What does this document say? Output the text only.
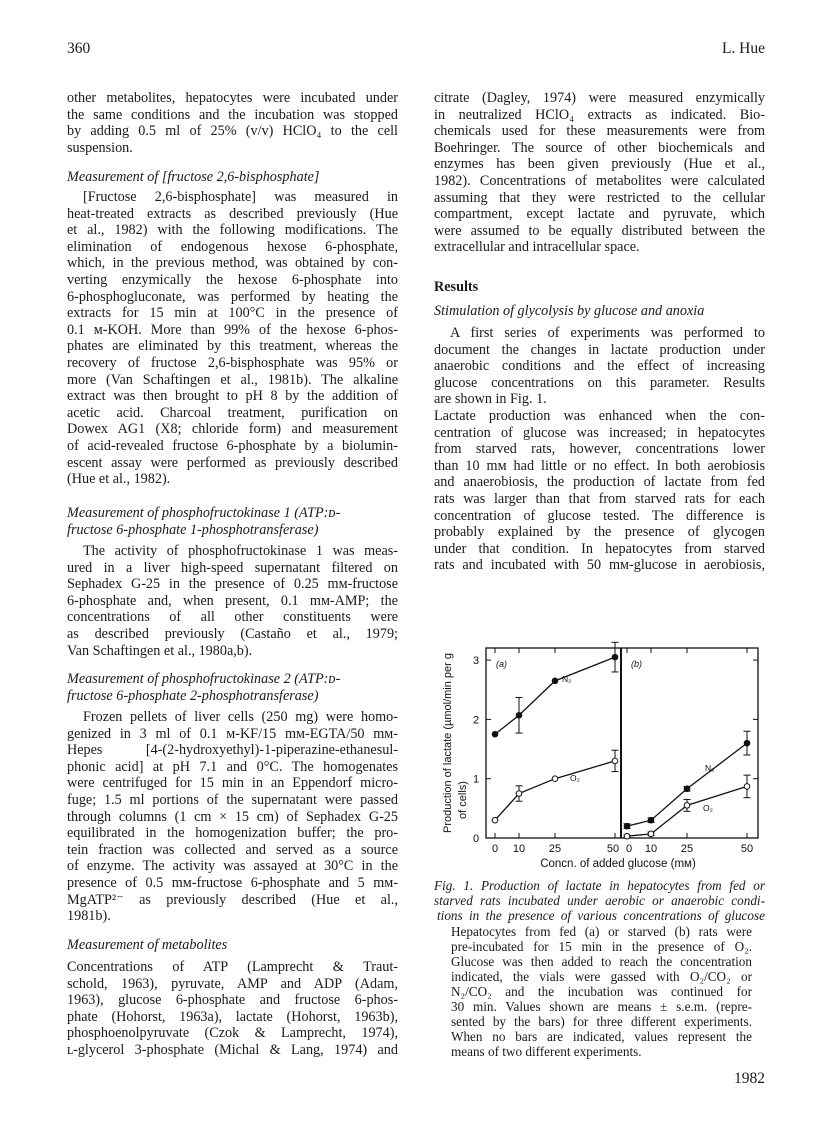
360	L. Hue
other metabolites, hepatocytes were incubated under
the same conditions and the incubation was stopped
by adding 0.5 ml of 25% (v/v) HClO₄ to the cell
suspension.
Measurement of [fructose 2,6-bisphosphate]
[Fructose 2,6-bisphosphate] was measured in
heat-treated extracts as described previously (Hue
et al., 1982) with the following modifications. The
elimination of endogenous hexose 6-phosphate,
which, in the previous method, was obtained by con-
verting enzymically the hexose 6-phosphate into
6-phosphogluconate, was performed by heating the
extracts for 15 min at 100°C in the presence of
0.1 ᴍ-KOH. More than 99% of the hexose 6-phos-
phates are eliminated by this treatment, whereas the
recovery of fructose 2,6-bisphosphate was 95% or
more (Van Schaftingen et al., 1981b). The alkaline
extract was then brought to pH 8 by the addition of
acetic acid. Charcoal treatment, purification on
Dowex AG1 (X8; chloride form) and measurement
of acid-revealed fructose 6-phosphate by a biolumin-
escent assay were performed as previously described
(Hue et al., 1982).
Measurement of phosphofructokinase 1 (ATP:ᴅ-
fructose 6-phosphate 1-phosphotransferase)
The activity of phosphofructokinase 1 was meas-
ured in a liver high-speed supernatant filtered on
Sephadex G-25 in the presence of 0.25 mᴍ-fructose
6-phosphate and, when present, 0.1 mᴍ-AMP; the
concentrations of all other constituents were
as described previously (Castaño et al., 1979;
Van Schaftingen et al., 1980a,b).
Measurement of phosphofructokinase 2 (ATP:ᴅ-
fructose 6-phosphate 2-phosphotransferase)
Frozen pellets of liver cells (250 mg) were homo-
genized in 3 ml of 0.1 ᴍ-KF/15 mᴍ-EGTA/50 mᴍ-
Hepes [4-(2-hydroxyethyl)-1-piperazine-ethanesul-
phonic acid] at pH 7.1 and 0°C. The homogenates
were centrifuged for 15 min in an Eppendorf micro-
fuge; 1.5 ml portions of the supernatant were passed
through columns (1 cm × 15 cm) of Sephadex G-25
equilibrated in the homogenization buffer; the pro-
tein fraction was collected and served as a source
of enzyme. The activity was assayed at 30°C in the
presence of 0.5 mᴍ-fructose 6-phosphate and 5 mᴍ-
MgATP²⁻ as previously described (Hue et al.,
1981b).
Measurement of metabolites
Concentrations of ATP (Lamprecht & Traut-
schold, 1963), pyruvate, AMP and ADP (Adam,
1963), glucose 6-phosphate and fructose 6-phos-
phate (Hohorst, 1963a), lactate (Hohorst, 1963b),
phosphoenolpyruvate (Czok & Lamprecht, 1974),
ʟ-glycerol 3-phosphate (Michal & Lang, 1974) and
citrate (Dagley, 1974) were measured enzymically
in neutralized HClO₄ extracts as indicated. Bio-
chemicals used for these measurements were from
Boehringer. The source of other biochemicals and
enzymes has been given previously (Hue et al.,
1982). Concentrations of metabolites were calculated
assuming that they were restricted to the cellular
compartment, except lactate and pyruvate, which
were assumed to be equally distributed between the
extracellular and intracellular space.
Results
Stimulation of glycolysis by glucose and anoxia
A first series of experiments was performed to
document the changes in lactate production under
anaerobic conditions and the effect of increasing
glucose concentrations on this parameter. Results
are shown in Fig. 1.
Lactate production was enhanced when the con-
centration of glucose was increased; in hepatocytes
from starved rats, however, concentrations lower
than 10 mᴍ had little or no effect. In both aerobiosis
and anaerobiosis, the production of lactate from fed
rats was larger than that from starved rats for each
concentration of glucose tested. The difference is
probably explained by the presence of glycogen
under that condition. In hepatocytes from starved
rats and incubated with 50 mᴍ-glucose in aerobiosis,
0
1
2
3
Production of lactate (µmol/min per g of cells)
Concn. of added glucose (mᴍ)
(a)
0 10 25	50
N₂
O₂
(b)
0 10 25	50
N₂
O₂
Fig. 1. Production of lactate in hepatocytes from fed or
starved rats incubated under aerobic or anaerobic condi-
tions in the presence of various concentrations of glucose
Hepatocytes from fed (a) or starved (b) rats were
pre-incubated for 15 min in the presence of O₂.
Glucose was then added to reach the concentration
indicated, the vials were gassed with O₂/CO₂ or
N₂/CO₂ and the incubation was continued for
30 min. Values shown are means ± s.e.m. (repre-
sented by the bars) for three different experiments.
When no bars are indicated, values represent the
means of two different experiments.
1982
